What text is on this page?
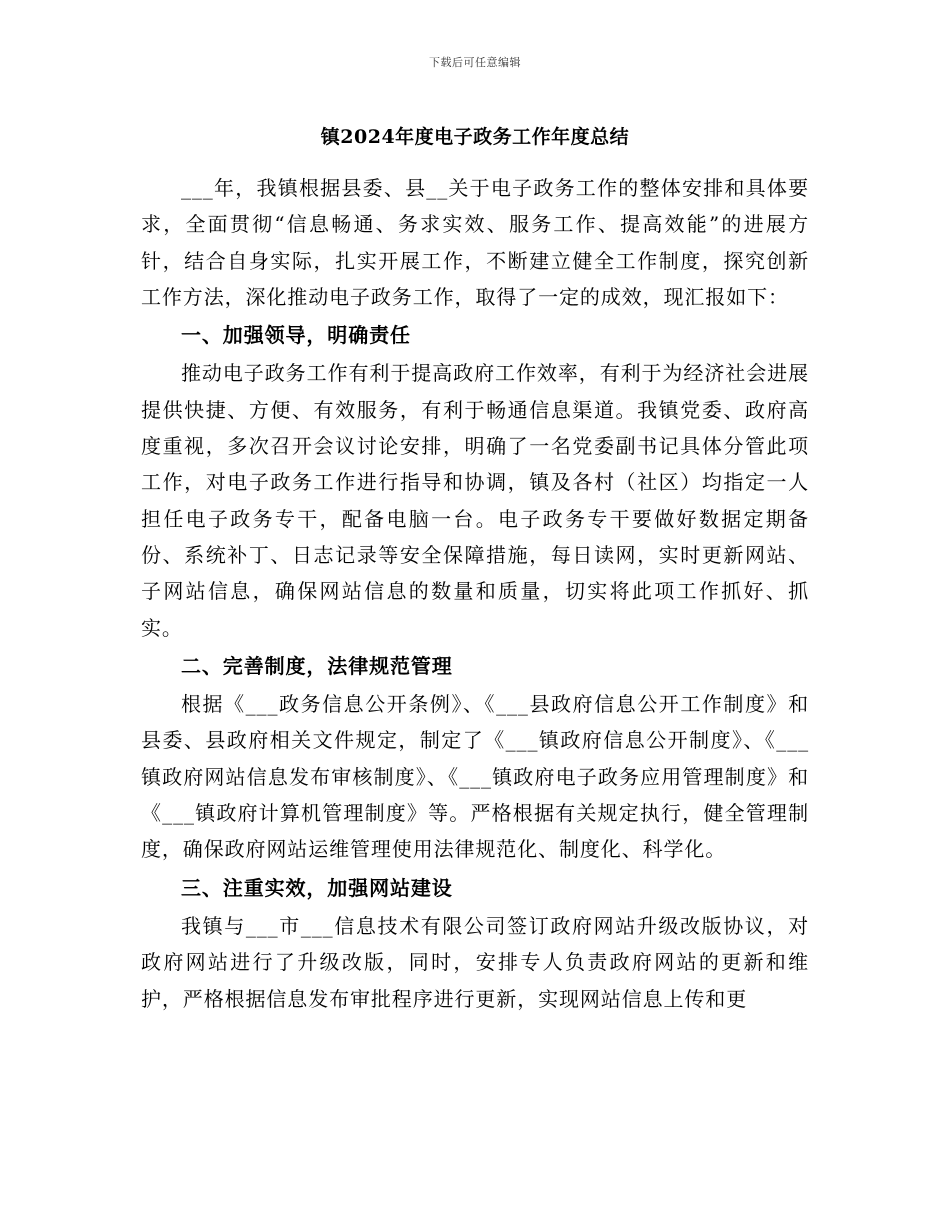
下载后可任意编辑
镇2024年度电子政务工作年度总结

___年，我镇根据县委、县__关于电子政务工作的整体安排和具体要求，全面贯彻“信息畅通、务求实效、服务工作、提高效能”的进展方针，结合自身实际，扎实开展工作，不断建立健全工作制度，探究创新工作方法，深化推动电子政务工作，取得了一定的成效，现汇报如下：

一、加强领导，明确责任

推动电子政务工作有利于提高政府工作效率，有利于为经济社会进展提供快捷、方便、有效服务，有利于畅通信息渠道。我镇党委、政府高度重视，多次召开会议讨论安排，明确了一名党委副书记具体分管此项工作，对电子政务工作进行指导和协调，镇及各村（社区）均指定一人担任电子政务专干，配备电脑一台。电子政务专干要做好数据定期备份、系统补丁、日志记录等安全保障措施，每日读网，实时更新网站、子网站信息，确保网站信息的数量和质量，切实将此项工作抓好、抓实。

二、完善制度，法律规范管理

根据《___政务信息公开条例》、《___县政府信息公开工作制度》和县委、县政府相关文件规定，制定了《___镇政府信息公开制度》、《___镇政府网站信息发布审核制度》、《___镇政府电子政务应用管理制度》和《___镇政府计算机管理制度》等。严格根据有关规定执行，健全管理制度，确保政府网站运维管理使用法律规范化、制度化、科学化。

三、注重实效，加强网站建设

我镇与___市___信息技术有限公司签订政府网站升级改版协议，对政府网站进行了升级改版，同时，安排专人负责政府网站的更新和维护，严格根据信息发布审批程序进行更新，实现网站信息上传和更
